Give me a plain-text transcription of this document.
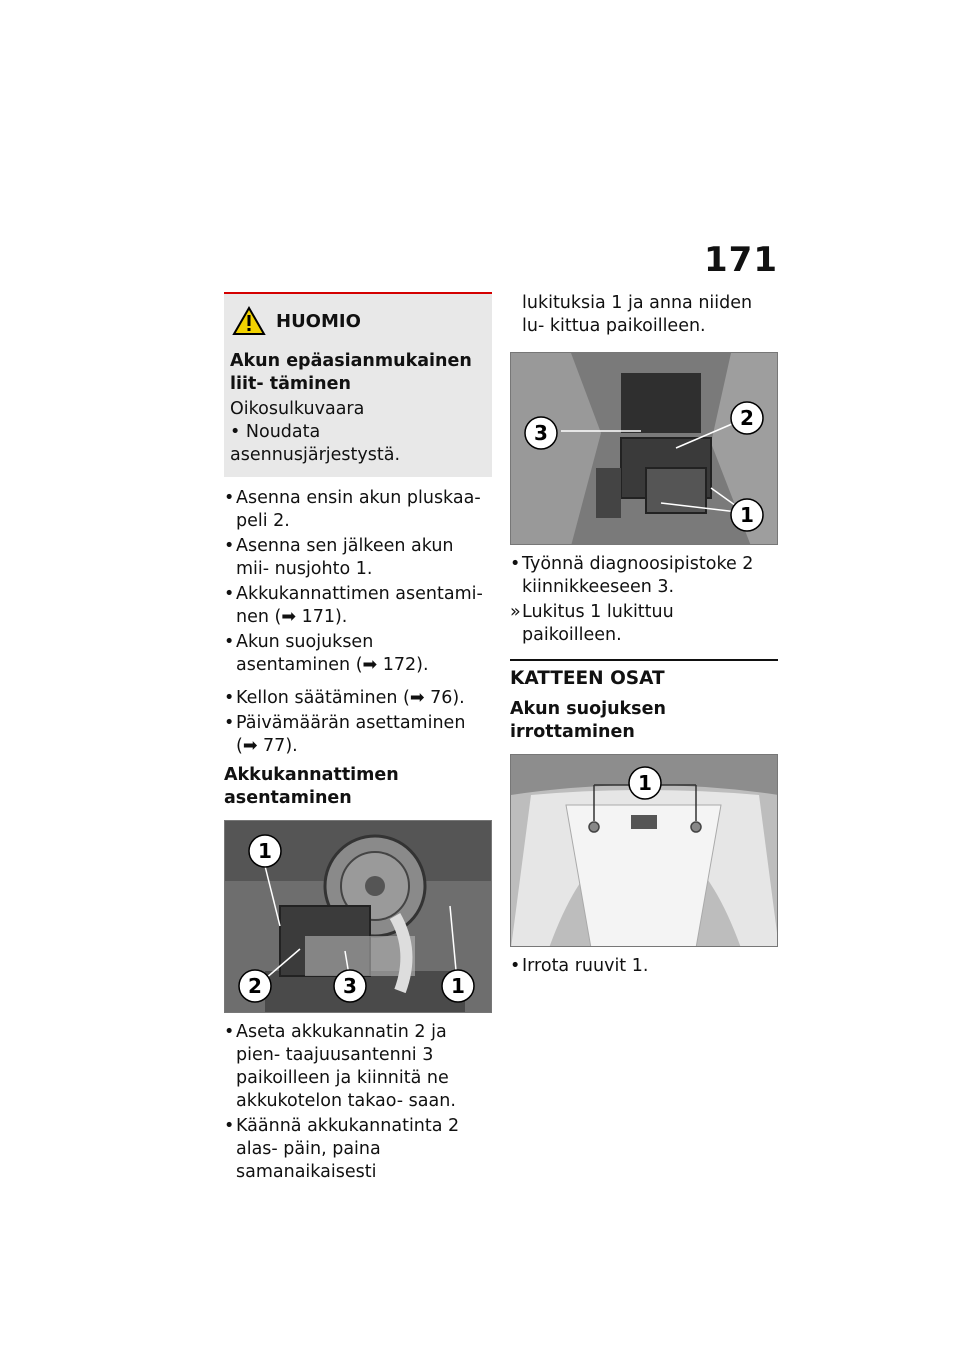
171
HUOMIO

Akun epäasianmukainen liit- täminen

Oikosulkuvaara

• Noudata asennusjärjestystä.

• Asenna ensin akun pluskaa- peli 2.
• Asenna sen jälkeen akun mii- nusjohto 1.
• Akkukannattimen asentami- nen (➡ 171).
• Akun suojuksen asentaminen (➡ 172).
• Kellon säätäminen (➡ 76).
• Päivämäärän asettaminen (➡ 77).
Akkukannattimen asentaminen
1
2	3	1
• Aseta akkukannatin 2 ja pien- taajuusantenni 3 paikoilleen ja kiinnitä ne akkukotelon takao- saan.
• Käännä akkukannatinta 2 alas- päin, paina samanaikaisesti
lukituksia 1 ja anna niiden lu- kittua paikoilleen.
3
2
1
• Työnnä diagnoosipistoke 2 kiinnikkeeseen 3.
» Lukitus 1 lukittuu paikoilleen.
KATTEEN OSAT
Akun suojuksen irrottaminen
1
• Irrota ruuvit 1.
